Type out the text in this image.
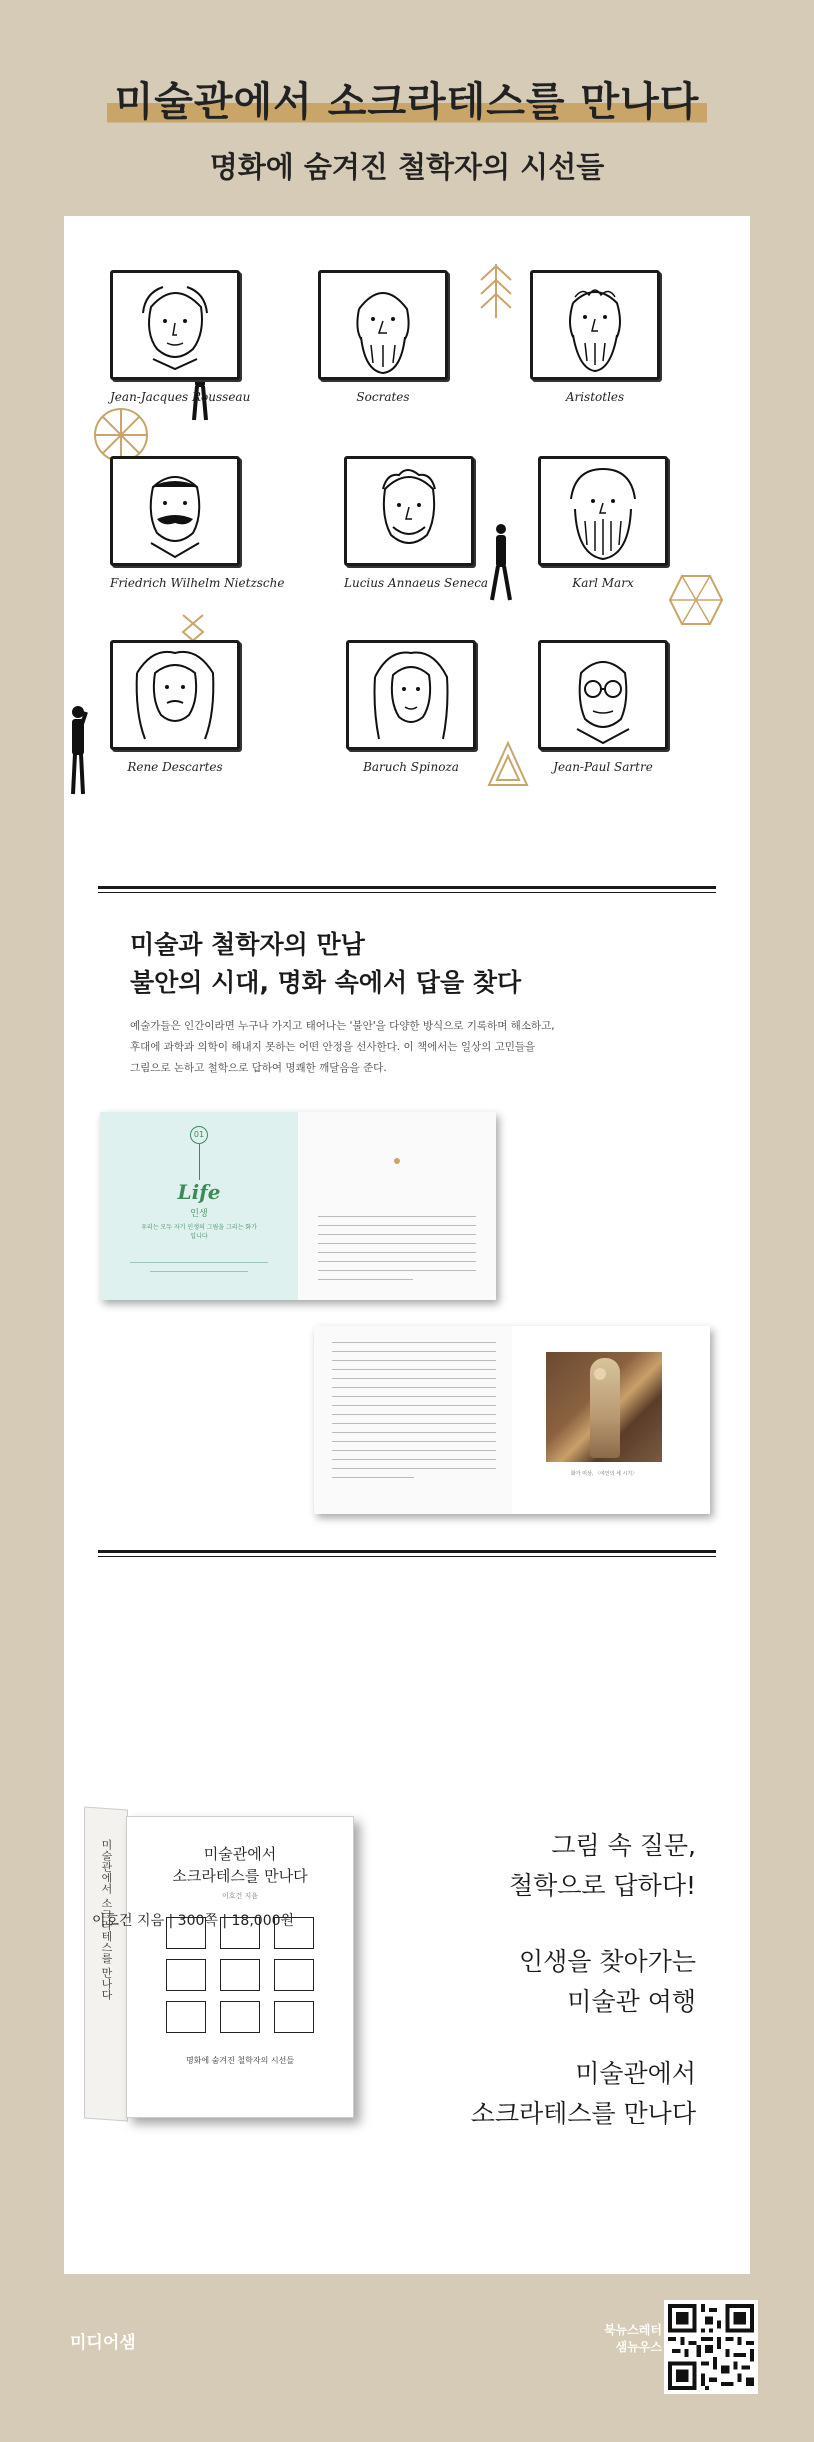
미술관에서 소크라테스를 만나다
명화에 숨겨진 철학자의 시선들
Jean-Jacques Rousseau	Socrates	Aristotles
Friedrich Wilhelm Nietzsche	Lucius Annaeus Seneca	Karl Marx
Rene Descartes	Baruch Spinoza	Jean-Paul Sartre
미술과 철학자의 만남
불안의 시대, 명화 속에서 답을 찾다
예술가들은 인간이라면 누구나 가지고 태어나는 '불안'을 다양한 방식으로 기록하며 해소하고,
후대에 과학과 의학이 해내지 못하는 어떤 안정을 선사한다. 이 책에서는 일상의 고민들을
그림으로 논하고 철학으로 답하여 명쾌한 깨달음을 준다.
01
Life
인생
우리는 모두 자기 인생의 그림을 그리는 화가입니다
화가 미상, 〈여인의 세 시기〉
미술관에서 소크라테스를 만나다	미술관에서
소크라테스를 만나다
이호건 지음
명화에 숨겨진 철학자의 시선들
이호건 지음 | 300쪽 | 18,000원
그림 속 질문,
철학으로 답하다!
인생을 찾아가는
미술관 여행
미술관에서
소크라테스를 만나다
미디어샘
북뉴스레터
샘뉴우스
